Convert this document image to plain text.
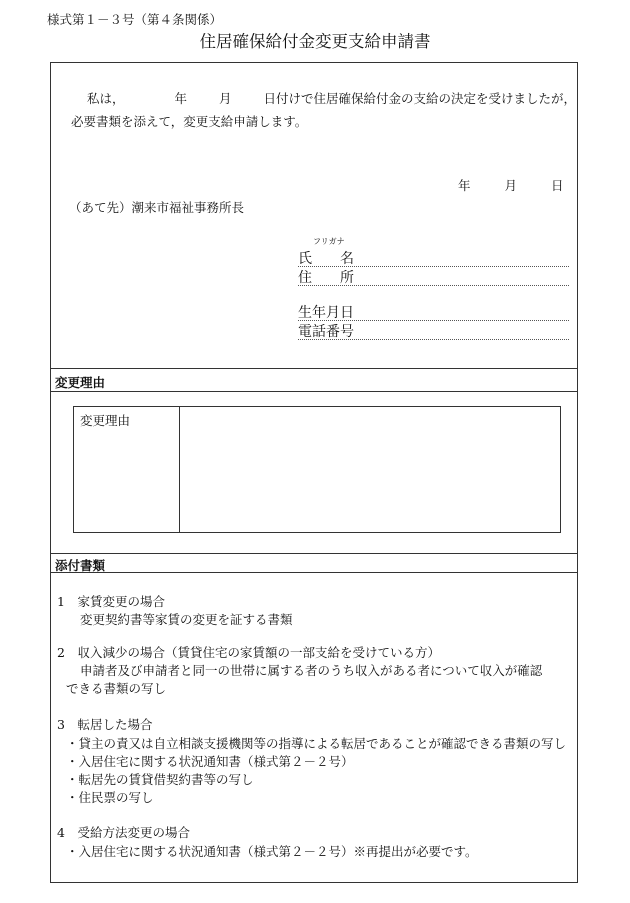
様式第１－３号（第４条関係）
住居確保給付金変更支給申請書
変更理由
添付書類
私は，	年	月	日付けで住居確保給付金の支給の決定を受けましたが，
必要書類を添えて，変更支給申請します。
年	月	日
（あて先）潮来市福祉事務所長
フリガナ
氏　　名
住　　所
生年月日
電話番号
変更理由
1　家賃変更の場合
変更契約書等家賃の変更を証する書類
2　収入減少の場合（賃貸住宅の家賃額の一部支給を受けている方）
申請者及び申請者と同一の世帯に属する者のうち収入がある者について収入が確認
できる書類の写し
3　転居した場合
・貸主の責又は自立相談支援機関等の指導による転居であることが確認できる書類の写し
・入居住宅に関する状況通知書（様式第２－２号）
・転居先の賃貸借契約書等の写し
・住民票の写し
4　受給方法変更の場合
・入居住宅に関する状況通知書（様式第２－２号）※再提出が必要です。
